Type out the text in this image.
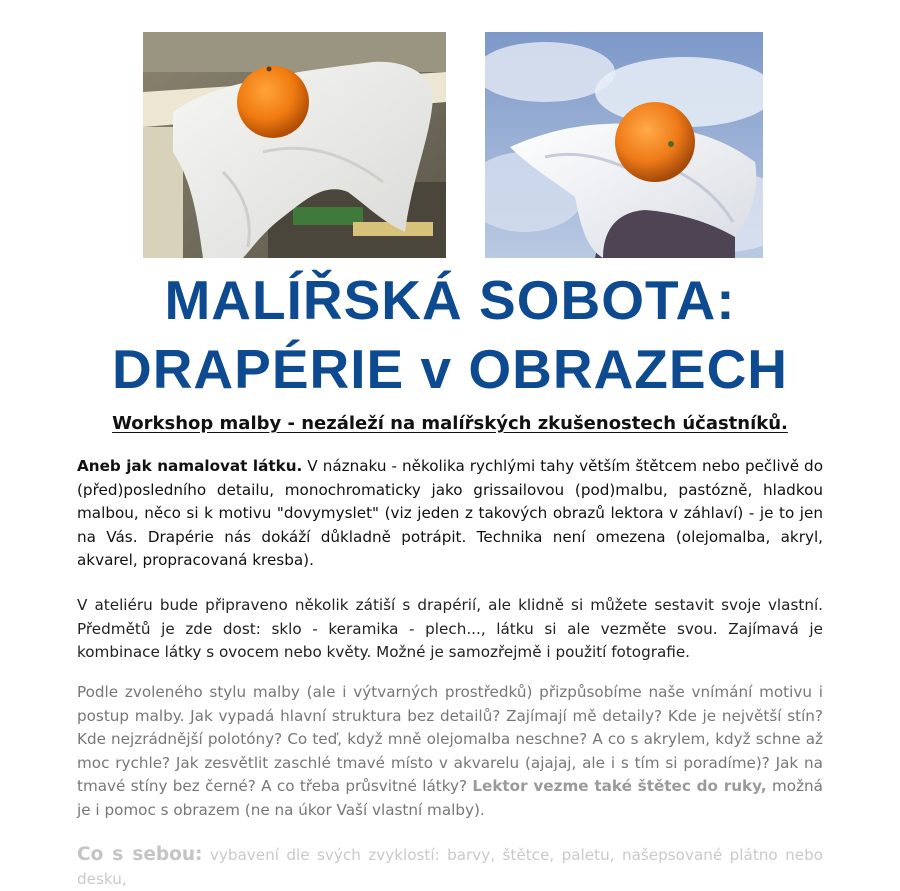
MALÍŘSKÁ SOBOTA:
DRAPÉRIE v OBRAZECH
Workshop malby - nezáleží na malířských zkušenostech účastníků.

Aneb jak namalovat látku. V náznaku - několika rychlými tahy větším štětcem nebo pečlivě do (před)posledního detailu, monochromaticky jako grissailovou (pod)malbu, pastózně, hladkou malbou, něco si k motivu "dovymyslet" (viz jeden z takových obrazů lektora v záhlaví) - je to jen na Vás. Drapérie nás dokáží důkladně potrápit. Technika není omezena (olejomalba, akryl, akvarel, propracovaná kresba).

V ateliéru bude připraveno několik zátiší s drapérií, ale klidně si můžete sestavit svoje vlastní. Předmětů je zde dost: sklo - keramika - plech..., látku si ale vezměte svou. Zajímavá je kombinace látky s ovocem nebo květy. Možné je samozřejmě i použití fotografie.

Podle zvoleného stylu malby (ale i výtvarných prostředků) přizpůsobíme naše vnímání motivu i postup malby. Jak vypadá hlavní struktura bez detailů? Zajímají mě detaily? Kde je největší stín? Kde nejzrádnější polotóny? Co teď, když mně olejomalba neschne? A co s akrylem, když schne až moc rychle? Jak zesvětlit zaschlé tmavé místo v akvarelu (ajajaj, ale i s tím si poradíme)? Jak na tmavé stíny bez černé? A co třeba průsvitné látky? Lektor vezme také štětec do ruky, možná je i pomoc s obrazem (ne na úkor Vaší vlastní malby).

Co s sebou: vybavení dle svých zvyklostí: barvy, štětce, paletu, našepsované plátno nebo desku,
